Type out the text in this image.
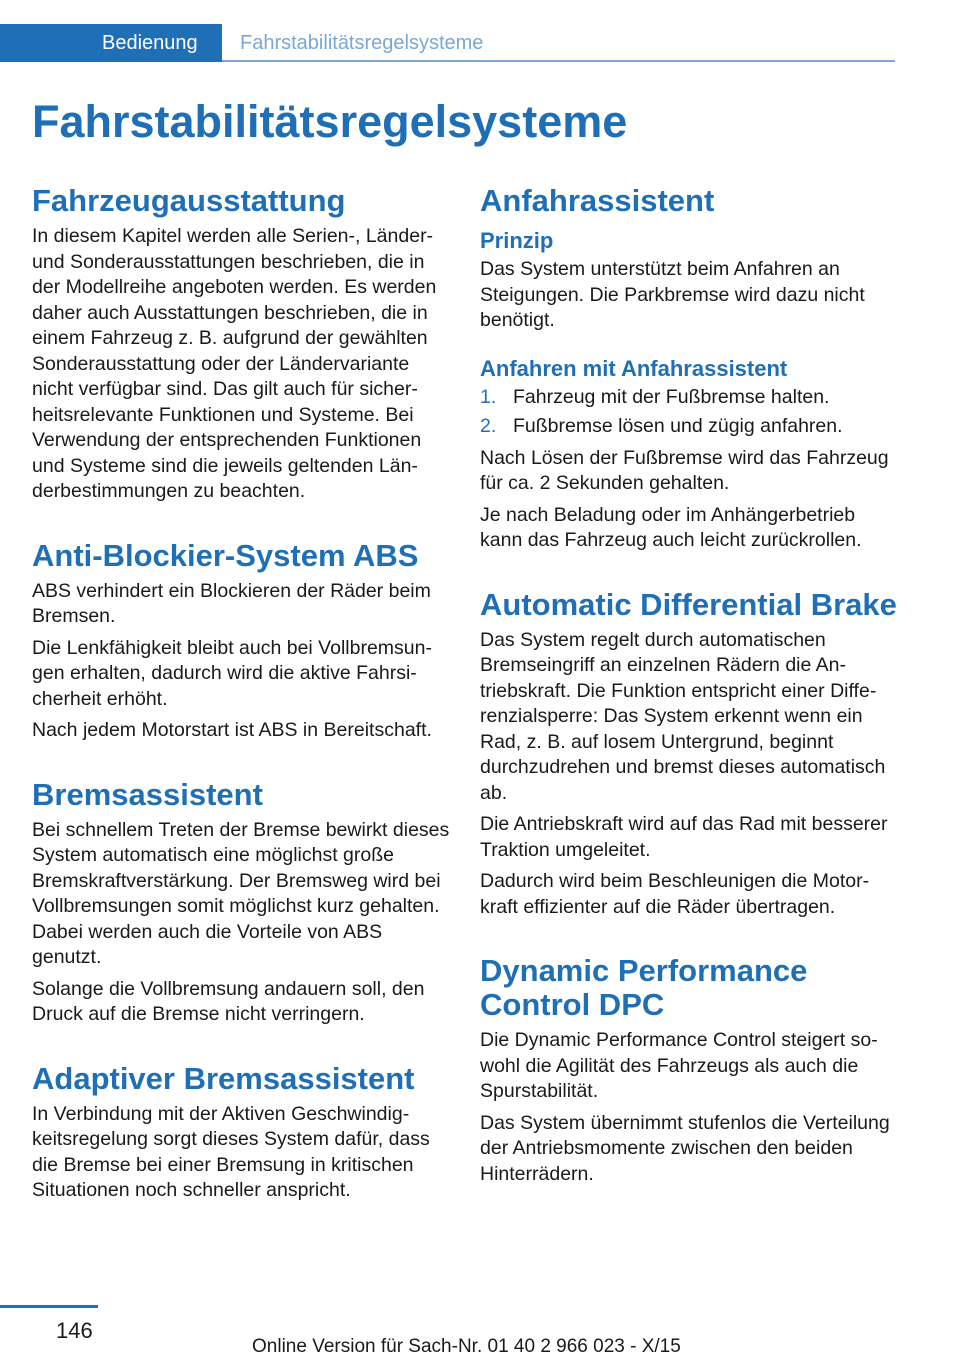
Bedienung	Fahrstabilitätsregelsysteme
Fahrstabilitätsregelsysteme
Fahrzeugausstattung

In diesem Kapitel werden alle Serien-, Länder- und Sonderausstattungen beschrieben, die in der Modellreihe angeboten werden. Es werden daher auch Ausstattungen beschrieben, die in einem Fahrzeug z. B. aufgrund der gewählten Sonderausstattung oder der Ländervariante nicht verfügbar sind. Das gilt auch für sicherheitsrelevante Funktionen und Systeme. Bei Verwendung der entsprechenden Funktionen und Systeme sind die jeweils geltenden Länderbestimmungen zu beachten.

Anti-Blockier-System ABS

ABS verhindert ein Blockieren der Räder beim Bremsen.

Die Lenkfähigkeit bleibt auch bei Vollbremsungen erhalten, dadurch wird die aktive Fahrsicherheit erhöht.

Nach jedem Motorstart ist ABS in Bereitschaft.

Bremsassistent

Bei schnellem Treten der Bremse bewirkt dieses System automatisch eine möglichst große Bremskraftverstärkung. Der Bremsweg wird bei Vollbremsungen somit möglichst kurz gehalten. Dabei werden auch die Vorteile von ABS genutzt.

Solange die Vollbremsung andauern soll, den Druck auf die Bremse nicht verringern.

Adaptiver Bremsassistent

In Verbindung mit der Aktiven Geschwindigkeitsregelung sorgt dieses System dafür, dass die Bremse bei einer Bremsung in kritischen Situationen noch schneller anspricht.

Anfahrassistent
Prinzip

Das System unterstützt beim Anfahren an Steigungen. Die Parkbremse wird dazu nicht benötigt.

Anfahren mit Anfahrassistent
1. Fahrzeug mit der Fußbremse halten.
2. Fußbremse lösen und zügig anfahren.

Nach Lösen der Fußbremse wird das Fahrzeug für ca. 2 Sekunden gehalten.

Je nach Beladung oder im Anhängerbetrieb kann das Fahrzeug auch leicht zurückrollen.

Automatic Differential Brake

Das System regelt durch automatischen Bremseingriff an einzelnen Rädern die Antriebskraft. Die Funktion entspricht einer Differenzialsperre: Das System erkennt wenn ein Rad, z. B. auf losem Untergrund, beginnt durchzudrehen und bremst dieses automatisch ab.

Die Antriebskraft wird auf das Rad mit besserer Traktion umgeleitet.

Dadurch wird beim Beschleunigen die Motorkraft effizienter auf die Räder übertragen.

Dynamic Performance Control DPC

Die Dynamic Performance Control steigert sowohl die Agilität des Fahrzeugs als auch die Spurstabilität.

Das System übernimmt stufenlos die Verteilung der Antriebsmomente zwischen den beiden Hinterrädern.

146
Online Version für Sach-Nr. 01 40 2 966 023 - X/15
